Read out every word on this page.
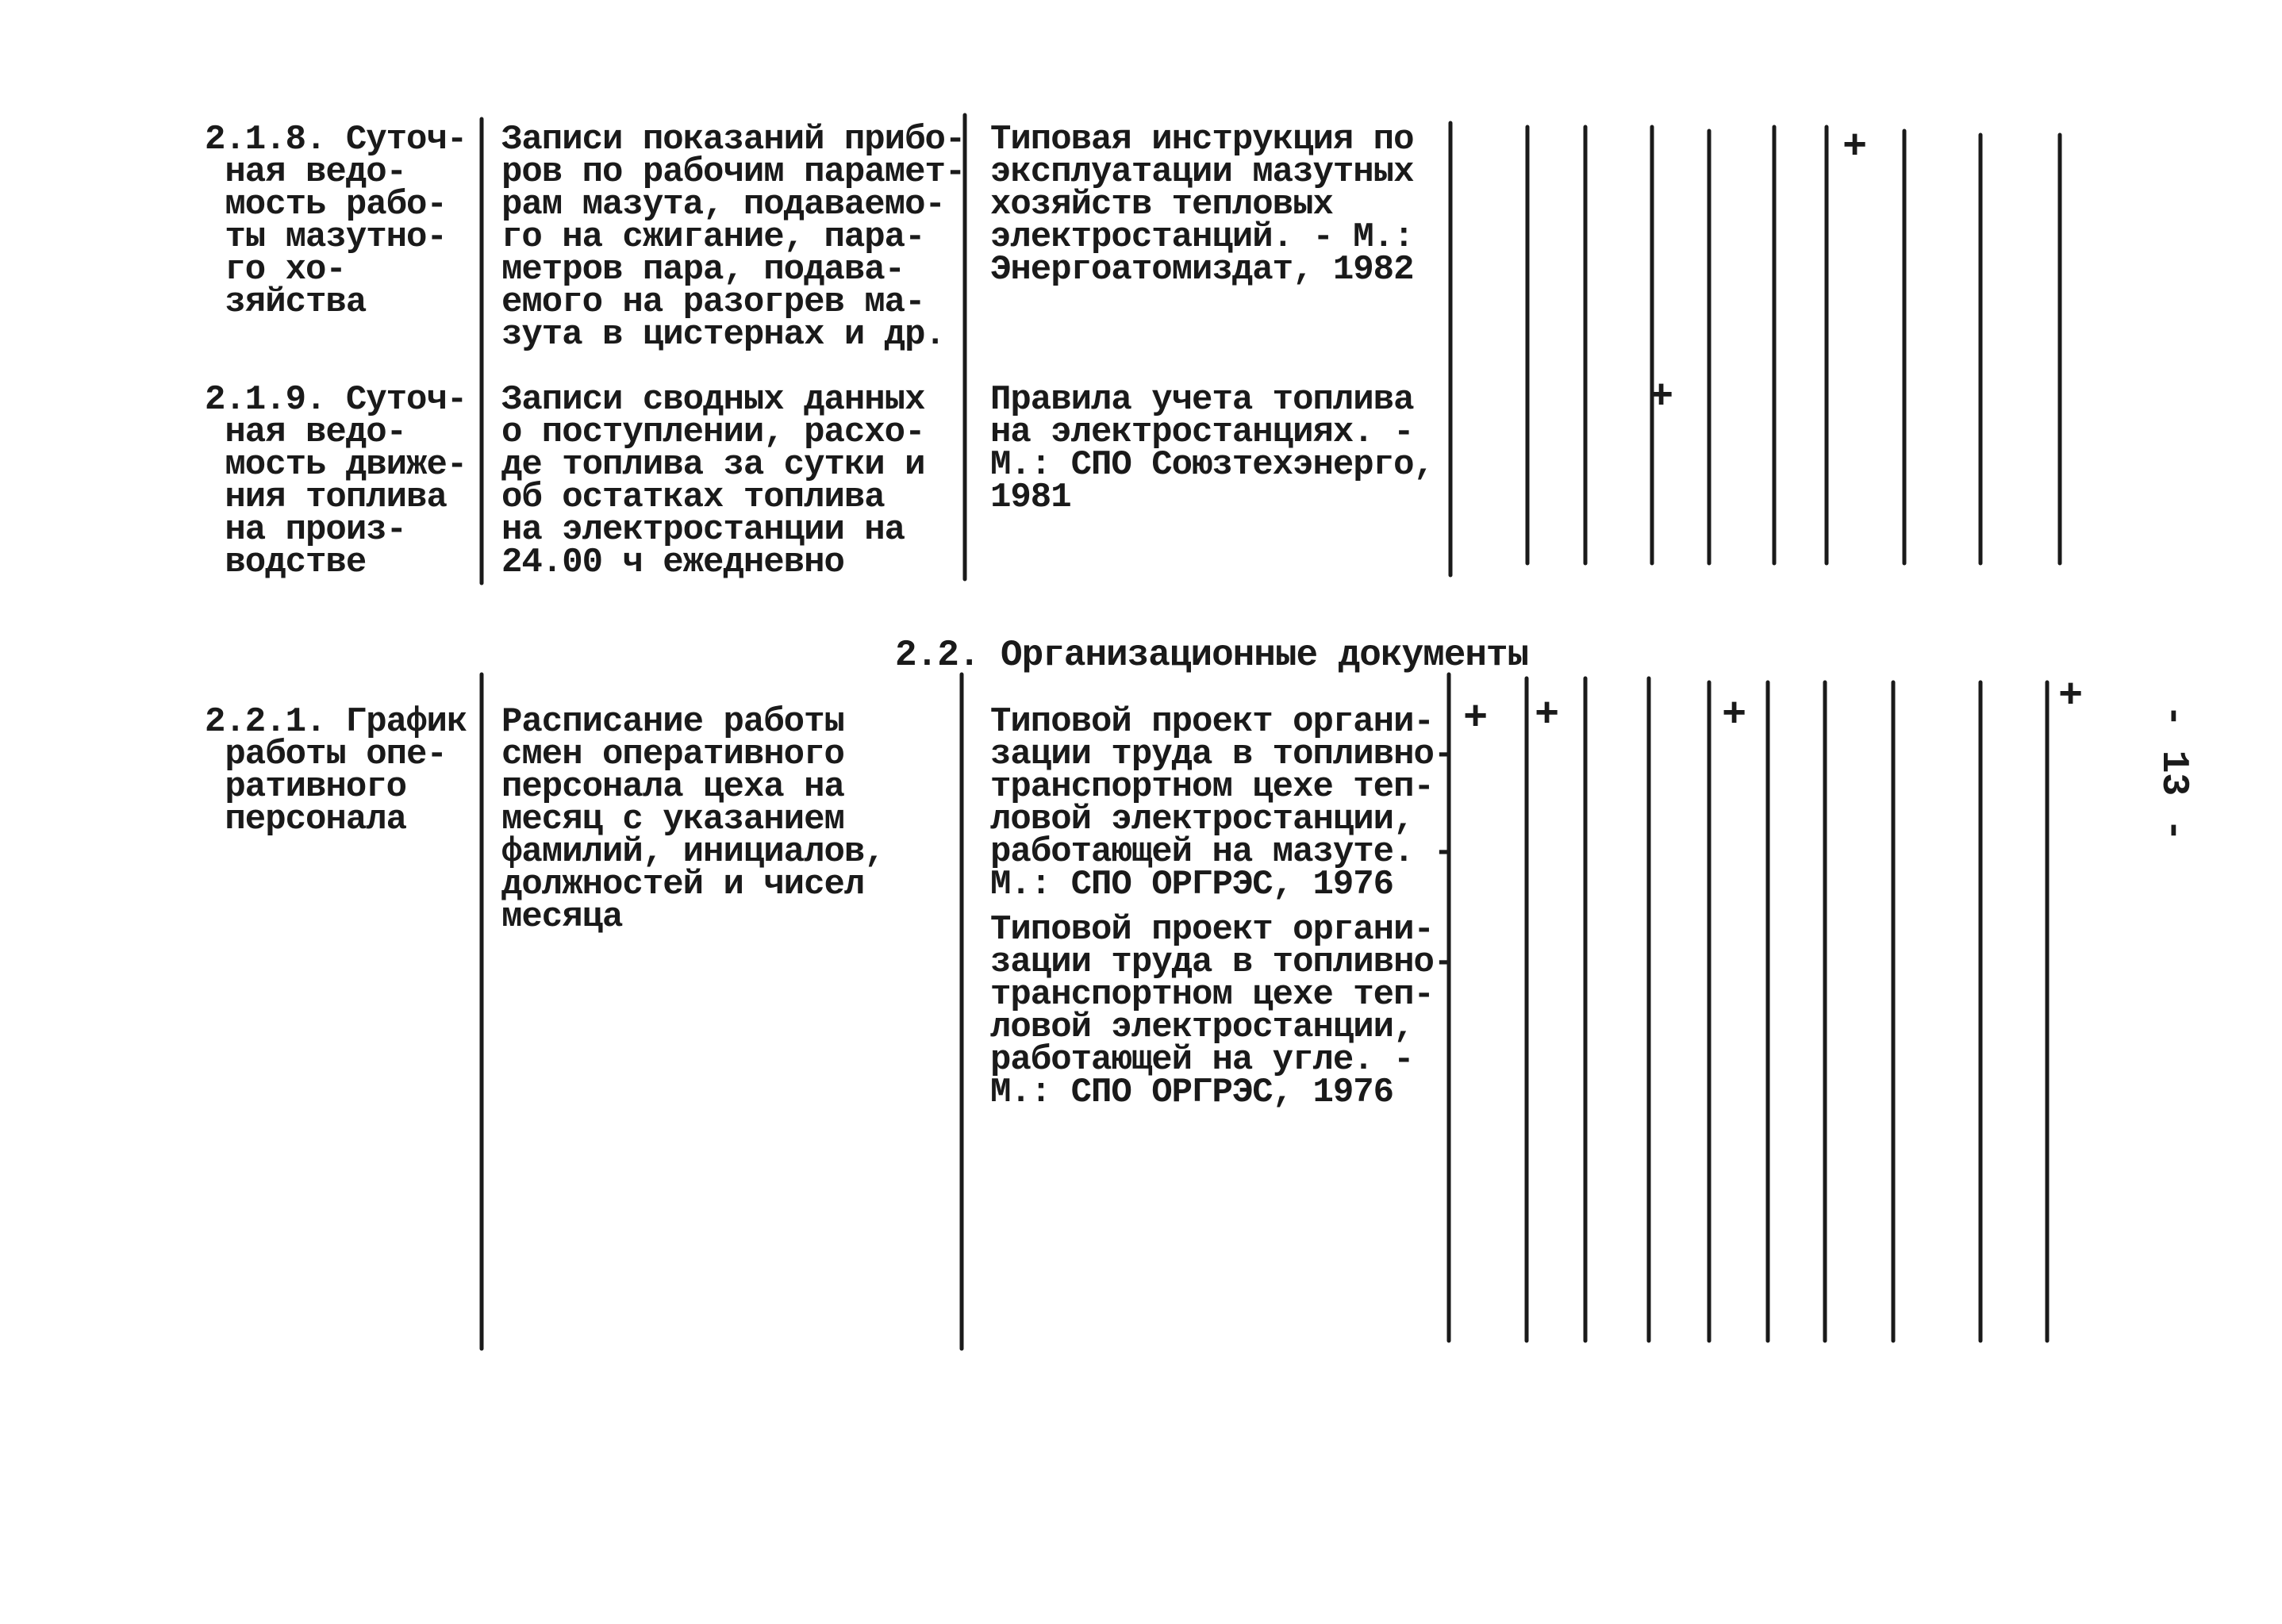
2.1.8. Суточ-
ная ведо-
мость рабо-
ты мазутно-
го хо-
зяйства
Записи показаний прибо-
ров по рабочим парамет-
рам мазута, подаваемо-
го на сжигание, пара-
метров пара, подава-
емого на разогрев ма-
зута в цистернах и др.
Типовая инструкция по
эксплуатации мазутных
хозяйств тепловых
электростанций. - М.:
Энергоатомиздат, 1982
2.1.9. Суточ-
ная ведо-
мость движе-
ния топлива
на произ-
водстве
Записи сводных данных
о поступлении, расхо-
де топлива за сутки и
об остатках топлива
на электростанции на
24.00 ч ежедневно
Правила учета топлива
на электростанциях. -
М.: СПО Союзтехэнерго,
1981
2.2. Организационные документы
2.2.1. График
работы опе-
ративного
персонала
Расписание работы
смен оперативного
персонала цеха на
месяц с указанием
фамилий, инициалов,
должностей и чисел
месяца
Типовой проект органи-
зации труда в топливно-
транспортном цехе теп-
ловой электростанции,
работающей на мазуте. -
М.: СПО ОРГРЭС, 1976
Типовой проект органи-
зации труда в топливно-
транспортном цехе теп-
ловой электростанции,
работающей на угле. -
М.: СПО ОРГРЭС, 1976
+
+
+ +	+	+
- 13 -
